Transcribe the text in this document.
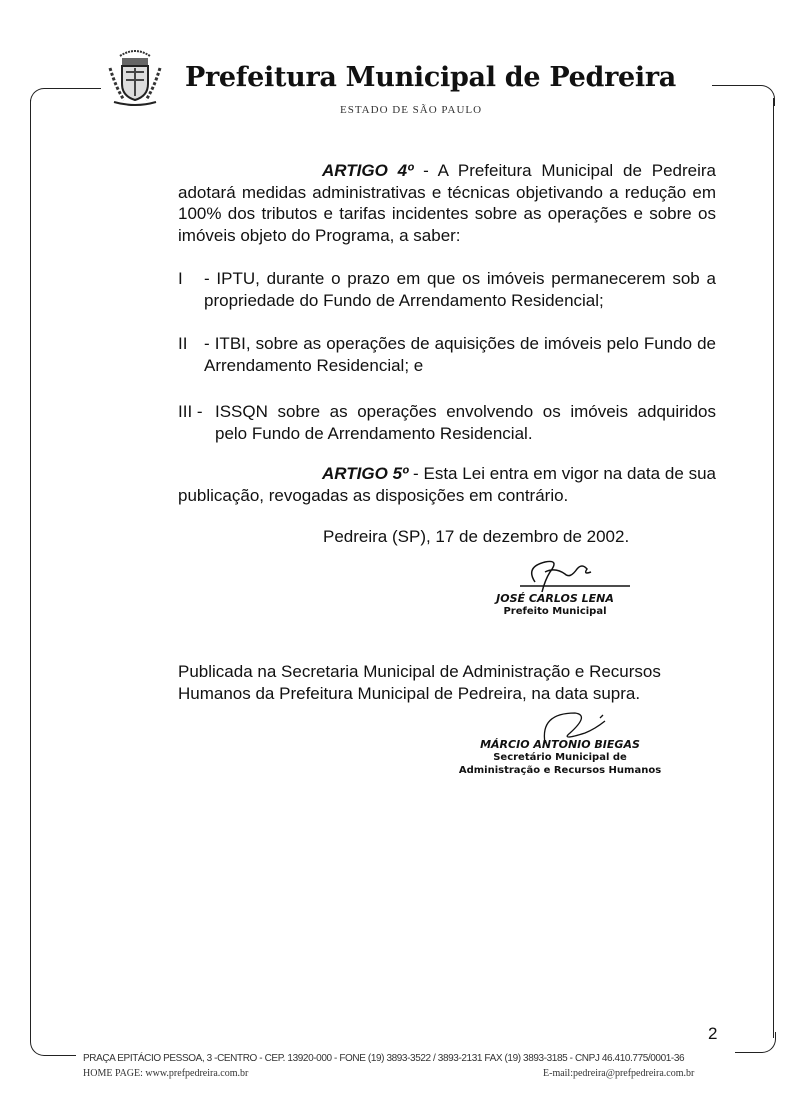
Prefeitura Municipal de Pedreira
ESTADO DE SÃO PAULO
ARTIGO 4º - A Prefeitura Municipal de Pedreira adotará medidas administrativas e técnicas objetivando a redução em 100% dos tributos e tarifas incidentes sobre as operações e sobre os imóveis objeto do Programa, a saber:
I - IPTU, durante o prazo em que os imóveis permanecerem sob a propriedade do Fundo de Arrendamento Residencial;
II - ITBI, sobre as operações de aquisições de imóveis pelo Fundo de Arrendamento Residencial; e
III - ISSQN sobre as operações envolvendo os imóveis adquiridos pelo Fundo de Arrendamento Residencial.
ARTIGO 5º - Esta Lei entra em vigor na data de sua publicação, revogadas as disposições em contrário.
Pedreira (SP), 17 de dezembro de 2002.
JOSÉ CARLOS LENA
Prefeito Municipal
Publicada na Secretaria Municipal de Administração e Recursos Humanos da Prefeitura Municipal de Pedreira, na data supra.
MÁRCIO ANTONIO BIEGAS
Secretário Municipal de
Administração e Recursos Humanos
2
PRAÇA EPITÁCIO PESSOA, 3 -CENTRO - CEP. 13920-000 - FONE (19) 3893-3522 / 3893-2131 FAX (19) 3893-3185 - CNPJ 46.410.775/0001-36
HOME PAGE: www.prefpedreira.com.br	E-mail:pedreira@prefpedreira.com.br
